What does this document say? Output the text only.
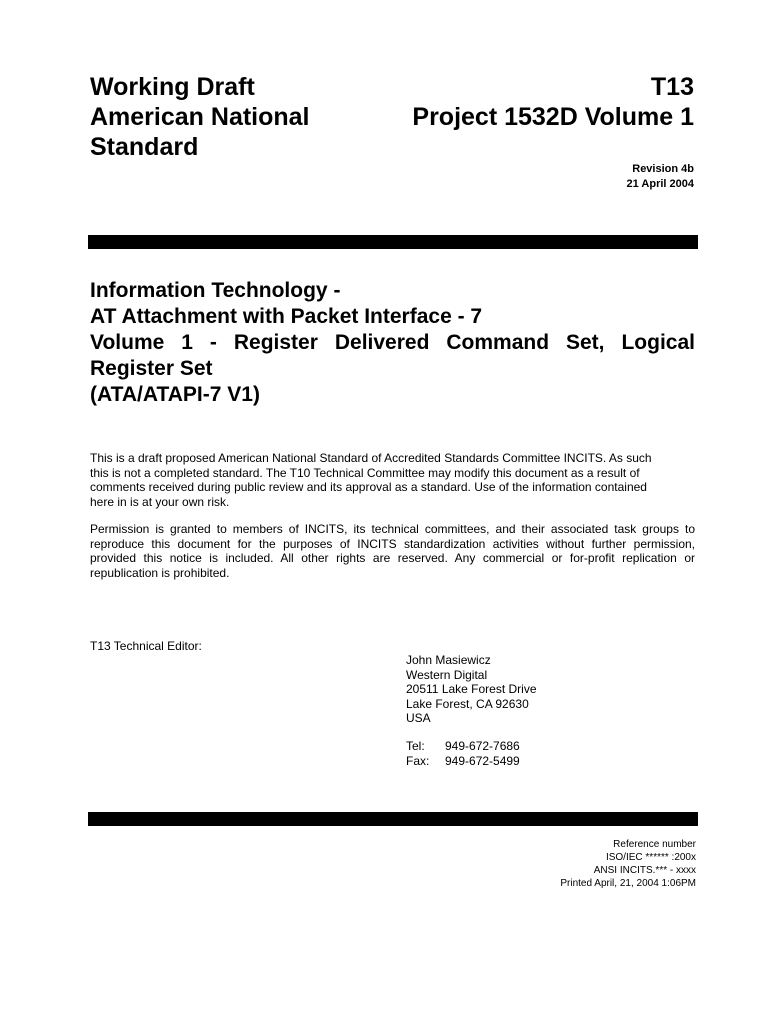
Working Draft
American National
Standard
T13
Project 1532D Volume 1
Revision 4b
21 April 2004
Information Technology -
AT Attachment with Packet Interface - 7
Volume 1 - Register Delivered Command Set, Logical
Register Set
(ATA/ATAPI-7 V1)
This is a draft proposed American National Standard of Accredited Standards Committee INCITS. As such
this is not a completed standard. The T10 Technical Committee may modify this document as a result of
comments received during public review and its approval as a standard. Use of the information contained
here in is at your own risk.
Permission is granted to members of INCITS, its technical committees, and their associated task groups to reproduce this document for the purposes of INCITS standardization activities without further permission, provided this notice is included. All other rights are reserved. Any commercial or for-profit replication or republication is prohibited.
T13 Technical Editor:
John Masiewicz
Western Digital
20511 Lake Forest Drive
Lake Forest, CA 92630
USA
Tel:	949-672-7686
Fax:	949-672-5499
Reference number
ISO/IEC ****** :200x
ANSI INCITS.*** - xxxx
Printed April, 21, 2004 1:06PM
